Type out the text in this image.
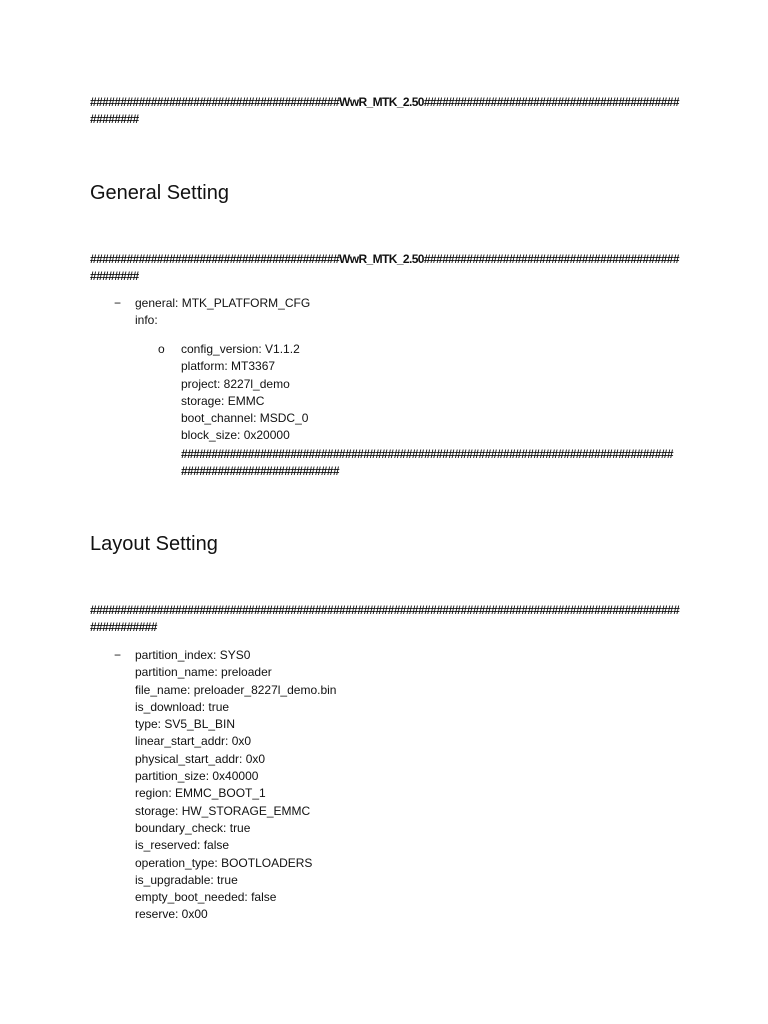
#########################################WwR_MTK_2.50##################################################

General Setting

#########################################WwR_MTK_2.50##################################################

− general: MTK_PLATFORM_CFG
info:
o config_version: V1.1.2
platform: MT3367
project: 8227l_demo
storage: EMMC
boot_channel: MSDC_0
block_size: 0x20000

###########################################################################################################

Layout Setting

############################################################################################################

− partition_index: SYS0
partition_name: preloader
file_name: preloader_8227l_demo.bin
is_download: true
type: SV5_BL_BIN
linear_start_addr: 0x0
physical_start_addr: 0x0
partition_size: 0x40000
region: EMMC_BOOT_1
storage: HW_STORAGE_EMMC
boundary_check: true
is_reserved: false
operation_type: BOOTLOADERS
is_upgradable: true
empty_boot_needed: false
reserve: 0x00
